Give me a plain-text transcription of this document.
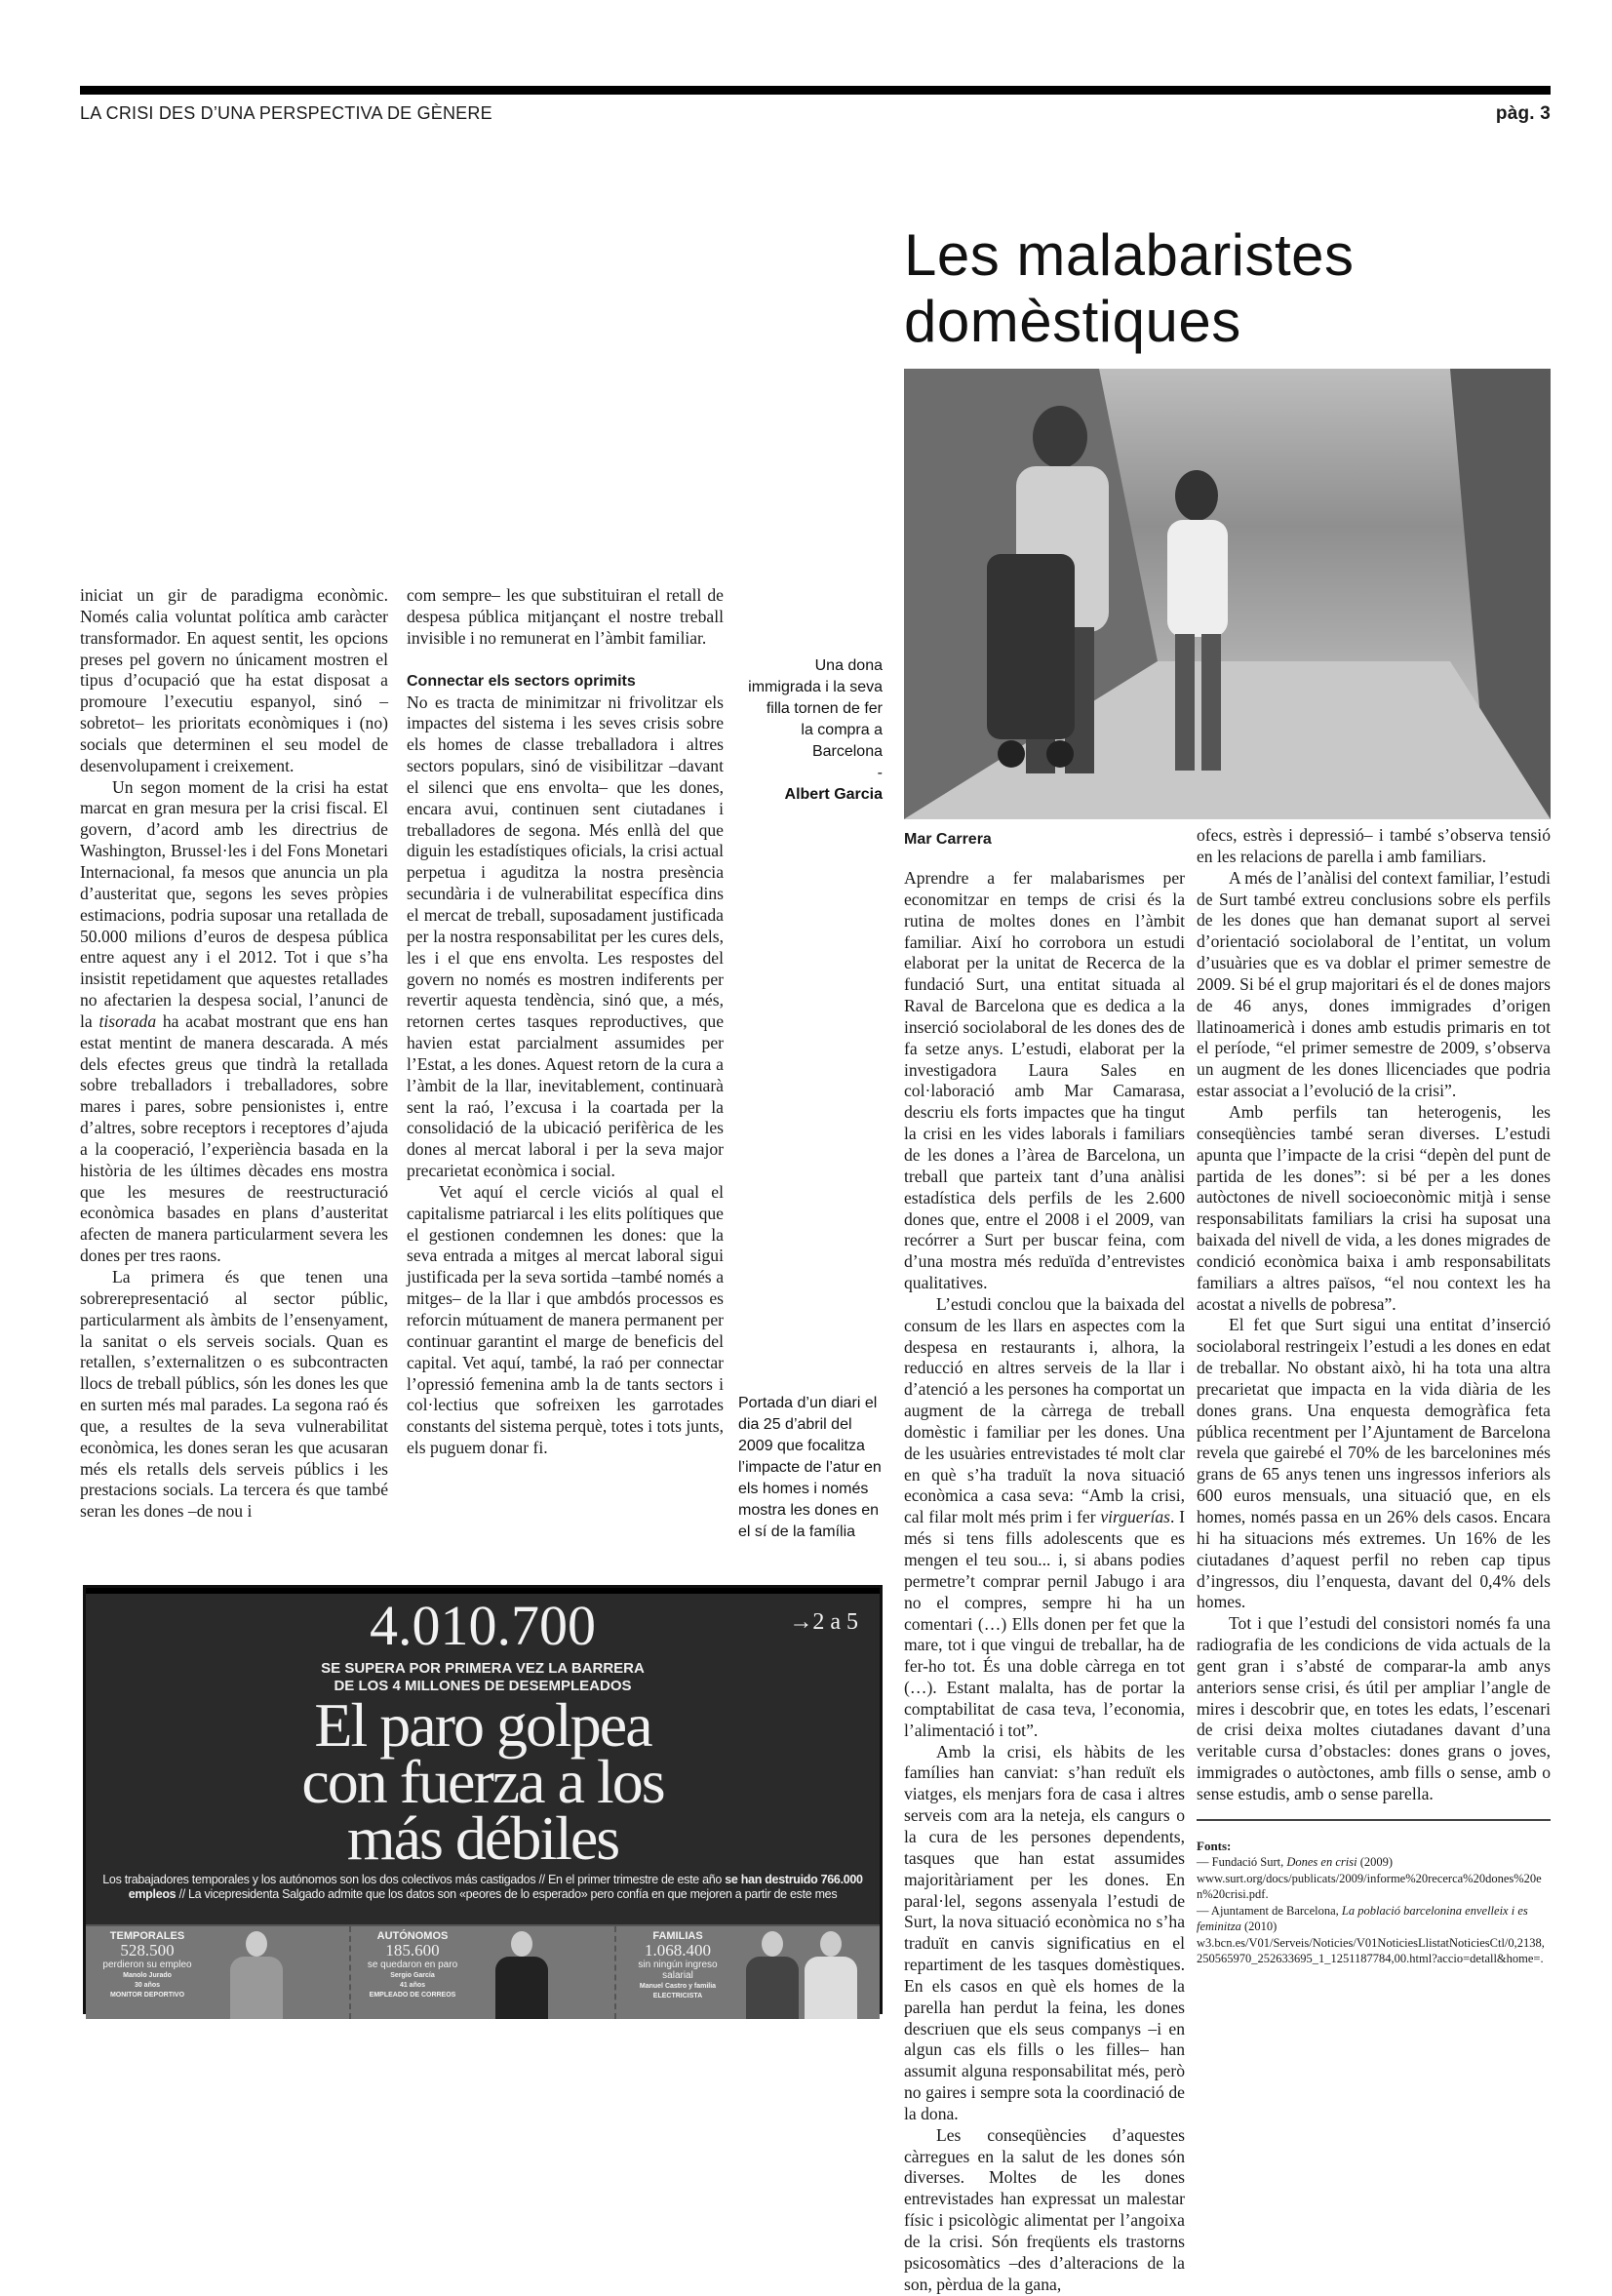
LA CRISI DES D’UNA PERSPECTIVA DE GÈNERE	pàg. 3
Les malabaristes
domèstiques
Una dona
immigrada i la seva
filla tornen de fer
la compra a
Barcelona
-
Albert Garcia
Portada d’un diari el dia 25 d’abril del 2009 que focalitza l’impacte de l’atur en els homes i només mostra les dones en el sí de la família

iniciat un gir de paradigma econòmic. Només calia voluntat política amb caràcter transformador. En aquest sentit, les opcions preses pel govern no únicament mostren el tipus d’ocupació que ha estat disposat a promoure l’executiu espanyol, sinó –sobretot– les prioritats econòmiques i (no) socials que determinen el seu model de desenvolupament i creixement.

Un segon moment de la crisi ha estat marcat en gran mesura per la crisi fiscal. El govern, d’acord amb les directrius de Washington, Brussel·les i del Fons Monetari Internacional, fa mesos que anuncia un pla d’austeritat que, segons les seves pròpies estimacions, podria suposar una retallada de 50.000 milions d’euros de despesa pública entre aquest any i el 2012. Tot i que s’ha insistit repetidament que aquestes retallades no afectarien la despesa social, l’anunci de la tisorada ha acabat mostrant que ens han estat mentint de manera descarada. A més dels efectes greus que tindrà la retallada sobre treballadors i treballadores, sobre mares i pares, sobre pensionistes i, entre d’altres, sobre receptors i receptores d’ajuda a la cooperació, l’experiència basada en la història de les últimes dècades ens mostra que les mesures de reestructuració econòmica basades en plans d’austeritat afecten de manera particularment severa les dones per tres raons.

La primera és que tenen una sobrerepresentació al sector públic, particularment als àmbits de l’ensenyament, la sanitat o els serveis socials. Quan es retallen, s’externalitzen o es subcontracten llocs de treball públics, són les dones les que en surten més mal parades. La segona raó és que, a resultes de la seva vulnerabilitat econòmica, les dones seran les que acusaran més els retalls dels serveis públics i les prestacions socials. La tercera és que també seran les dones –de nou i

com sempre– les que substituiran el retall de despesa pública mitjançant el nostre treball invisible i no remunerat en l’àmbit familiar.

Connectar els sectors oprimits

No es tracta de minimitzar ni frivolitzar els impactes del sistema i les seves crisis sobre els homes de classe treballadora i altres sectors populars, sinó de visibilitzar –davant el silenci que ens envolta– que les dones, encara avui, continuen sent ciutadanes i treballadores de segona. Més enllà del que diguin les estadístiques oficials, la crisi actual perpetua i aguditza la nostra presència secundària i de vulnerabilitat específica dins el mercat de treball, suposadament justificada per la nostra responsabilitat per les cures dels, les i el que ens envolta. Les respostes del govern no només es mostren indiferents per revertir aquesta tendència, sinó que, a més, retornen certes tasques reproductives, que havien estat parcialment assumides per l’Estat, a les dones. Aquest retorn de la cura a l’àmbit de la llar, inevitablement, continuarà sent la raó, l’excusa i la coartada per la consolidació de la ubicació perifèrica de les dones al mercat laboral i per la seva major precarietat econòmica i social.

Vet aquí el cercle viciós al qual el capitalisme patriarcal i les elits polítiques que el gestionen condemnen les dones: que la seva entrada a mitges al mercat laboral sigui justificada per la seva sortida –també només a mitges– de la llar i que ambdós processos es reforcin mútuament de manera permanent per continuar garantint el marge de beneficis del capital. Vet aquí, també, la raó per connectar l’opressió femenina amb la de tants sectors i col·lectius que sofreixen les garrotades constants del sistema perquè, totes i tots junts, els puguem donar fi.

Mar Carrera

Aprendre a fer malabarismes per economitzar en temps de crisi és la rutina de moltes dones en l’àmbit familiar. Així ho corrobora un estudi elaborat per la unitat de Recerca de la fundació Surt, una entitat situada al Raval de Barcelona que es dedica a la inserció sociolaboral de les dones des de fa setze anys. L’estudi, elaborat per la investigadora Laura Sales en col·laboració amb Mar Camarasa, descriu els forts impactes que ha tingut la crisi en les vides laborals i familiars de les dones a l’àrea de Barcelona, un treball que parteix tant d’una anàlisi estadística dels perfils de les 2.600 dones que, entre el 2008 i el 2009, van recórrer a Surt per buscar feina, com d’una mostra més reduïda d’entrevistes qualitatives.

L’estudi conclou que la baixada del consum de les llars en aspectes com la despesa en restaurants i, alhora, la reducció en altres serveis de la llar i d’atenció a les persones ha comportat un augment de la càrrega de treball domèstic i familiar per les dones. Una de les usuàries entrevistades té molt clar en què s’ha traduït la nova situació econòmica a casa seva: “Amb la crisi, cal filar molt més prim i fer virguerías. I més si tens fills adolescents que es mengen el teu sou... i, si abans podies permetre’t comprar pernil Jabugo i ara no el compres, sempre hi ha un comentari (…) Ells donen per fet que la mare, tot i que vingui de treballar, ha de fer-ho tot. És una doble càrrega en tot (…). Estant malalta, has de portar la comptabilitat de casa teva, l’economia, l’alimentació i tot”.

Amb la crisi, els hàbits de les famílies han canviat: s’han reduït els viatges, els menjars fora de casa i altres serveis com ara la neteja, els cangurs o la cura de les persones dependents, tasques que han estat assumides majoritàriament per les dones. En paral·lel, segons assenyala l’estudi de Surt, la nova situació econòmica no s’ha traduït en canvis significatius en el repartiment de les tasques domèstiques. En els casos en què els homes de la parella han perdut la feina, les dones descriuen que els seus companys –i en algun cas els fills o les filles– han assumit alguna responsabilitat més, però no gaires i sempre sota la coordinació de la dona.

Les conseqüències d’aquestes càrregues en la salut de les dones són diverses. Moltes de les dones entrevistades han expressat un malestar físic i psicològic alimentat per l’angoixa de la crisi. Són freqüents els trastorns psicosomàtics –des d’alteracions de la son, pèrdua de la gana,

ofecs, estrès i depressió– i també s’observa tensió en les relacions de parella i amb familiars.

A més de l’anàlisi del context familiar, l’estudi de Surt també extreu conclusions sobre els perfils de les dones que han demanat suport al servei d’orientació sociolaboral de l’entitat, un volum d’usuàries que es va doblar el primer semestre de 2009. Si bé el grup majoritari és el de dones majors de 46 anys, dones immigrades d’origen llatinoamericà i dones amb estudis primaris en tot el període, “el primer semestre de 2009, s’observa un augment de les dones llicenciades que podria estar associat a l’evolució de la crisi”.

Amb perfils tan heterogenis, les conseqüències també seran diverses. L’estudi apunta que l’impacte de la crisi “depèn del punt de partida de les dones”: si bé per a les dones autòctones de nivell socioeconòmic mitjà i sense responsabilitats familiars la crisi ha suposat una baixada del nivell de vida, a les dones migrades de condició econòmica baixa i amb responsabilitats familiars a altres països, “el nou context les ha acostat a nivells de pobresa”.

El fet que Surt sigui una entitat d’inserció sociolaboral restringeix l’estudi a les dones en edat de treballar. No obstant això, hi ha tota una altra precarietat que impacta en la vida diària de les dones grans. Una enquesta demogràfica feta pública recentment per l’Ajuntament de Barcelona revela que gairebé el 70% de les barcelonines més grans de 65 anys tenen uns ingressos inferiors als 600 euros mensuals, una situació que, en els homes, només passa en un 26% dels casos. Encara hi ha situacions més extremes. Un 16% de les ciutadanes d’aquest perfil no reben cap tipus d’ingressos, diu l’enquesta, davant del 0,4% dels homes.

Tot i que l’estudi del consistori només fa una radiografia de les condicions de vida actuals de la gent gran i s’absté de comparar-la amb anys anteriors sense crisi, és útil per ampliar l’angle de mires i descobrir que, en totes les edats, l’escenari de crisi deixa moltes ciutadanes davant d’una veritable cursa d’obstacles: dones grans o joves, immigrades o autòctones, amb fills o sense, amb o sense estudis, amb o sense parella.

Fonts:
— Fundació Surt, Dones en crisi (2009)
www.surt.org/docs/publicats/2009/informe%20recerca%20dones%20en%20crisi.pdf.
— Ajuntament de Barcelona, La població barcelonina envelleix i es feminitza (2010)
w3.bcn.es/V01/Serveis/Noticies/V01NoticiesLlistatNoticiesCtl/0,2138,250565970_252633695_1_1251187784,00.html?accio=detall&home=.
4.010.700	→2 a 5
SE SUPERA POR PRIMERA VEZ LA BARRERA
DE LOS 4 MILLONES DE DESEMPLEADOS
El paro golpea
con fuerza a los
más débiles
Los trabajadores temporales y los autónomos son los dos colectivos más castigados // En el primer trimestre de este año se han destruido 766.000 empleos // La vicepresidenta Salgado admite que los datos son «peores de lo esperado» pero confía en que mejoren a partir de este mes
TEMPORALES
528.500
perdieron su empleo
Manolo Jurado
30 años
MONITOR DEPORTIVO
AUTÓNOMOS
185.600
se quedaron en paro
Sergio García
41 años
EMPLEADO DE CORREOS
FAMILIAS
1.068.400
sin ningún ingreso salarial
Manuel Castro y familia
ELECTRICISTA
